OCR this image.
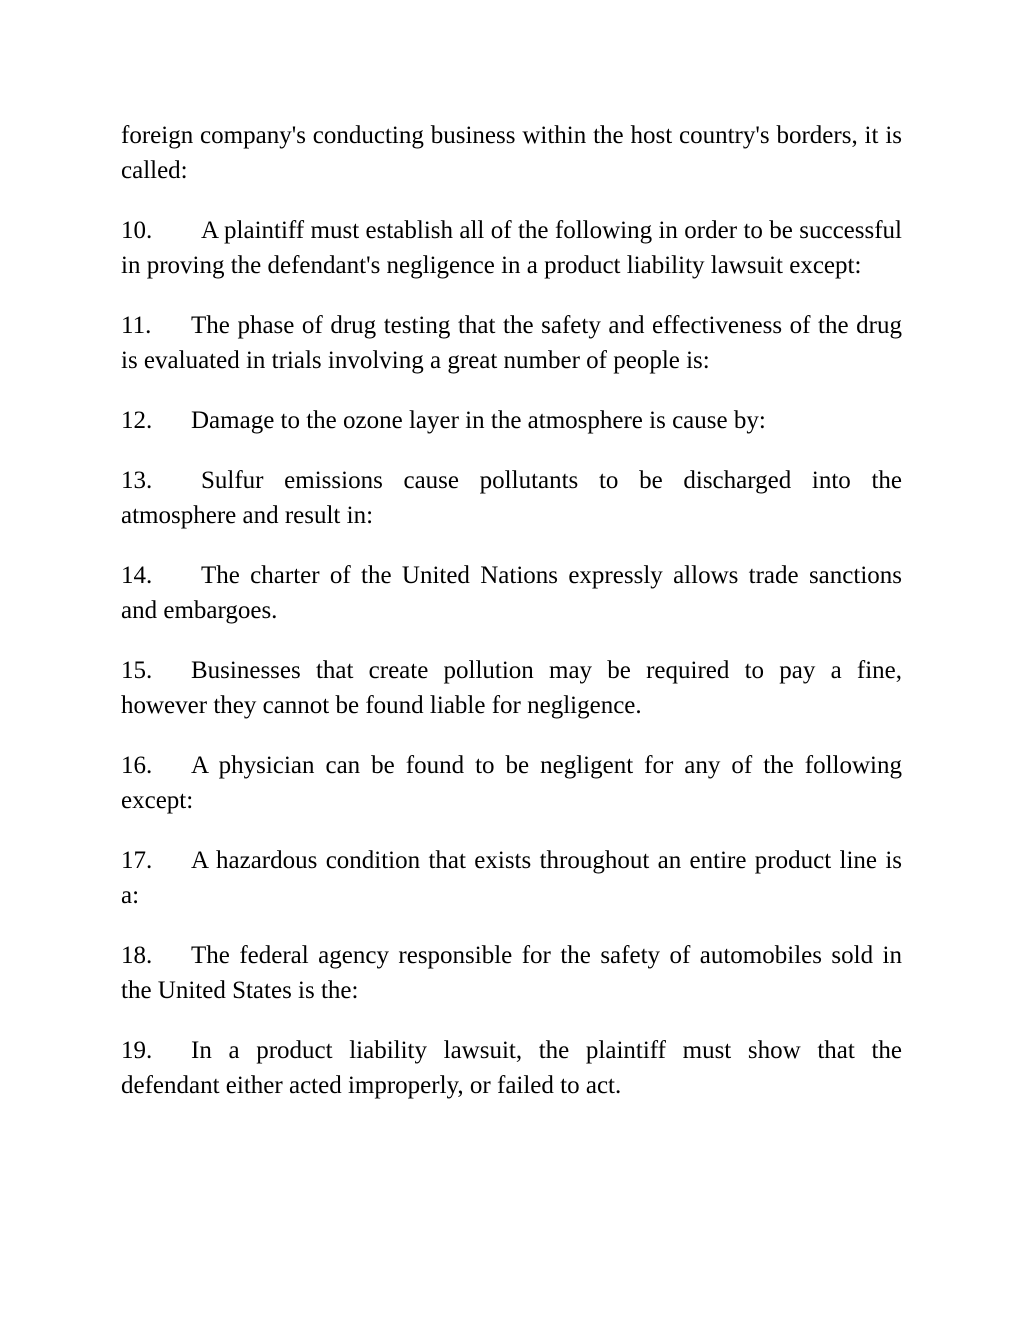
foreign company's conducting business within the host country's borders, it is called:

10. A plaintiff must establish all of the following in order to be successful in proving the defendant's negligence in a product liability lawsuit except:

11. The phase of drug testing that the safety and effectiveness of the drug is evaluated in trials involving a great number of people is:

12. Damage to the ozone layer in the atmosphere is cause by:

13. Sulfur emissions cause pollutants to be discharged into the atmosphere and result in:

14. The charter of the United Nations expressly allows trade sanctions and embargoes.

15. Businesses that create pollution may be required to pay a fine, however they cannot be found liable for negligence.

16. A physician can be found to be negligent for any of the following except:

17. A hazardous condition that exists throughout an entire product line is a:

18. The federal agency responsible for the safety of automobiles sold in the United States is the:

19. In a product liability lawsuit, the plaintiff must show that the defendant either acted improperly, or failed to act.
